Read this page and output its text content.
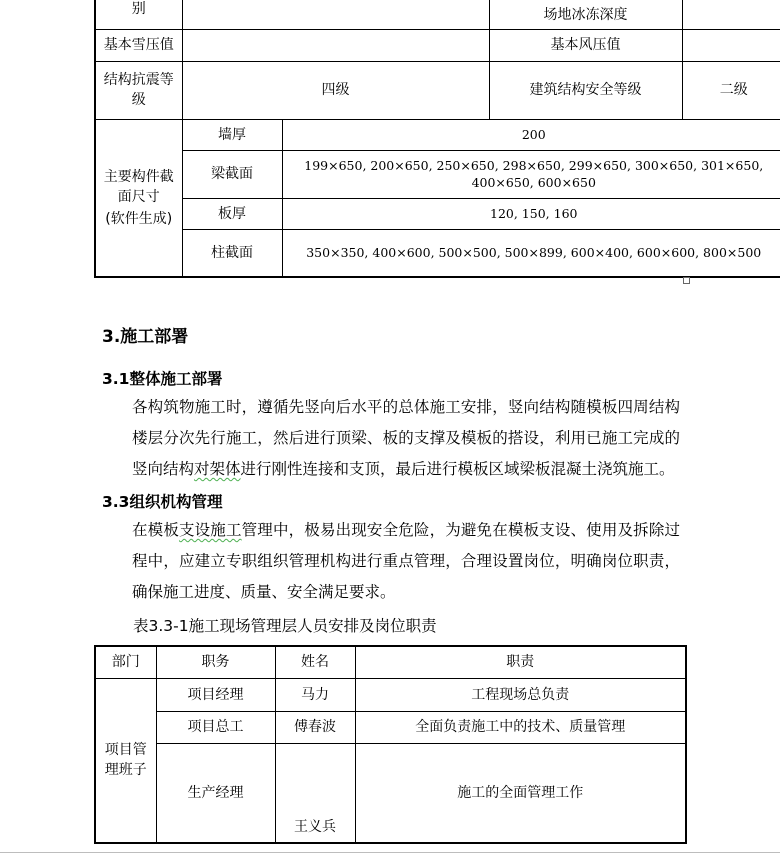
别			场地冰冻深度	
基本雪压值			基本风压值	
结构抗震等级	四级		建筑结构安全等级	二级

主要构件截面尺寸
(软件生成)	墙厚	200		
	梁截面	199×650, 200×650, 250×650, 298×650, 299×650, 300×650, 301×650, 400×650, 600×650		
	板厚	120, 150, 160		
	柱截面	350×350, 400×600, 500×500, 500×899, 600×400, 600×600, 800×500		
3.施工部署
3.1整体施工部署

各构筑物施工时，遵循先竖向后水平的总体施工安排，竖向结构随模板四周结构楼层分次先行施工，然后进行顶梁、板的支撑及模板的搭设，利用已施工完成的竖向结构对架体进行刚性连接和支顶，最后进行模板区域梁板混凝土浇筑施工。

3.3组织机构管理

在模板支设施工管理中，极易出现安全危险，为避免在模板支设、使用及拆除过程中，应建立专职组织管理机构进行重点管理，合理设置岗位，明确岗位职责，确保施工进度、质量、安全满足要求。

表3.3-1施工现场管理层人员安排及岗位职责
部门	职务	姓名	职责
项目管理班子	项目经理	马力	工程现场总负责
	项目总工	傅春波	全面负责施工中的技术、质量管理
	生产经理	王义兵	施工的全面管理工作
